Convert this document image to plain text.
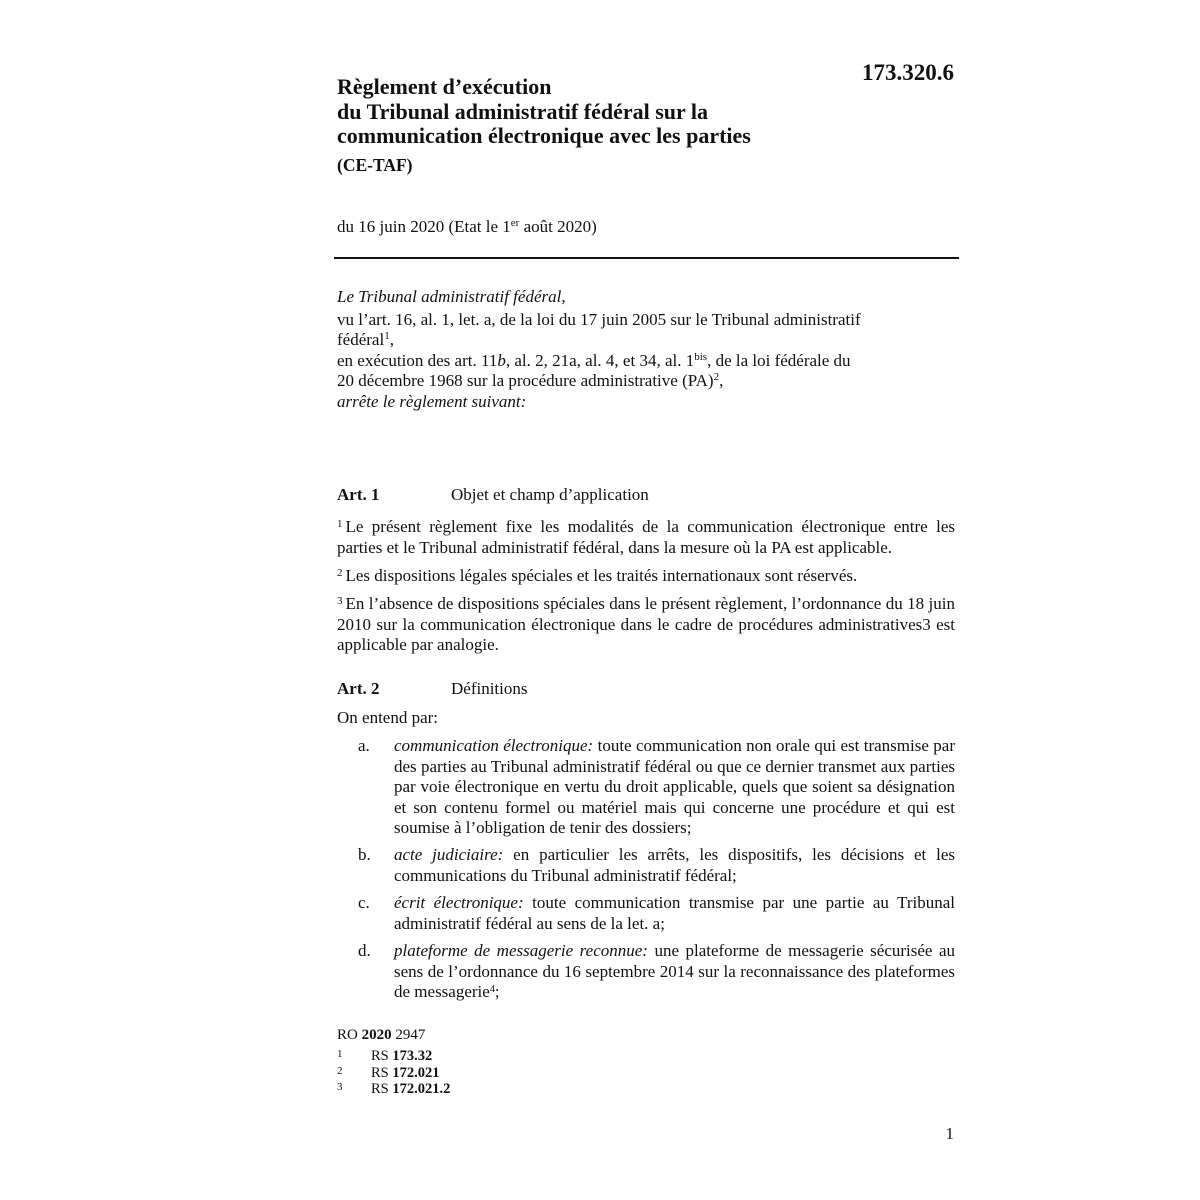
173.320.6
Règlement d’exécution
du Tribunal administratif fédéral sur la
communication électronique avec les parties
(CE-TAF)
du 16 juin 2020 (Etat le 1er août 2020)
Le Tribunal administratif fédéral,
vu l’art. 16, al. 1, let. a, de la loi du 17 juin 2005 sur le Tribunal administratif
fédéral$^1$,
en exécution des art. 11b, al. 2, 21a, al. 4, et 34, al. $1^{bis}$, de la loi fédérale du
20 décembre 1968 sur la procédure administrative (PA)$^2$,
arrête le règlement suivant:
Art. 1	Objet et champ d’application
$^1$ Le présent règlement fixe les modalités de la communication électronique entre les parties et le Tribunal administratif fédéral, dans la mesure où la PA est applicable.
$^2$ Les dispositions légales spéciales et les traités internationaux sont réservés.
$^3$ En l’absence de dispositions spéciales dans le présent règlement, l’ordonnance du 18 juin 2010 sur la communication électronique dans le cadre de procédures administratives3 est applicable par analogie.
Art. 2	Définitions
On entend par:
a.	communication électronique: toute communication non orale qui est transmise par des parties au Tribunal administratif fédéral ou que ce dernier transmet aux parties par voie électronique en vertu du droit applicable, quels que soient sa désignation et son contenu formel ou matériel mais qui concerne une procédure et qui est soumise à l’obligation de tenir des dossiers;
b.	acte judiciaire: en particulier les arrêts, les dispositifs, les décisions et les communications du Tribunal administratif fédéral;
c.	écrit électronique: toute communication transmise par une partie au Tribunal administratif fédéral au sens de la let. a;
d.	plateforme de messagerie reconnue: une plateforme de messagerie sécurisée au sens de l’ordonnance du 16 septembre 2014 sur la reconnaissance des plateformes de messagerie$^4$;
RO 2020 2947
1 RS 173.32
2 RS 172.021
3 RS 172.021.2
1
